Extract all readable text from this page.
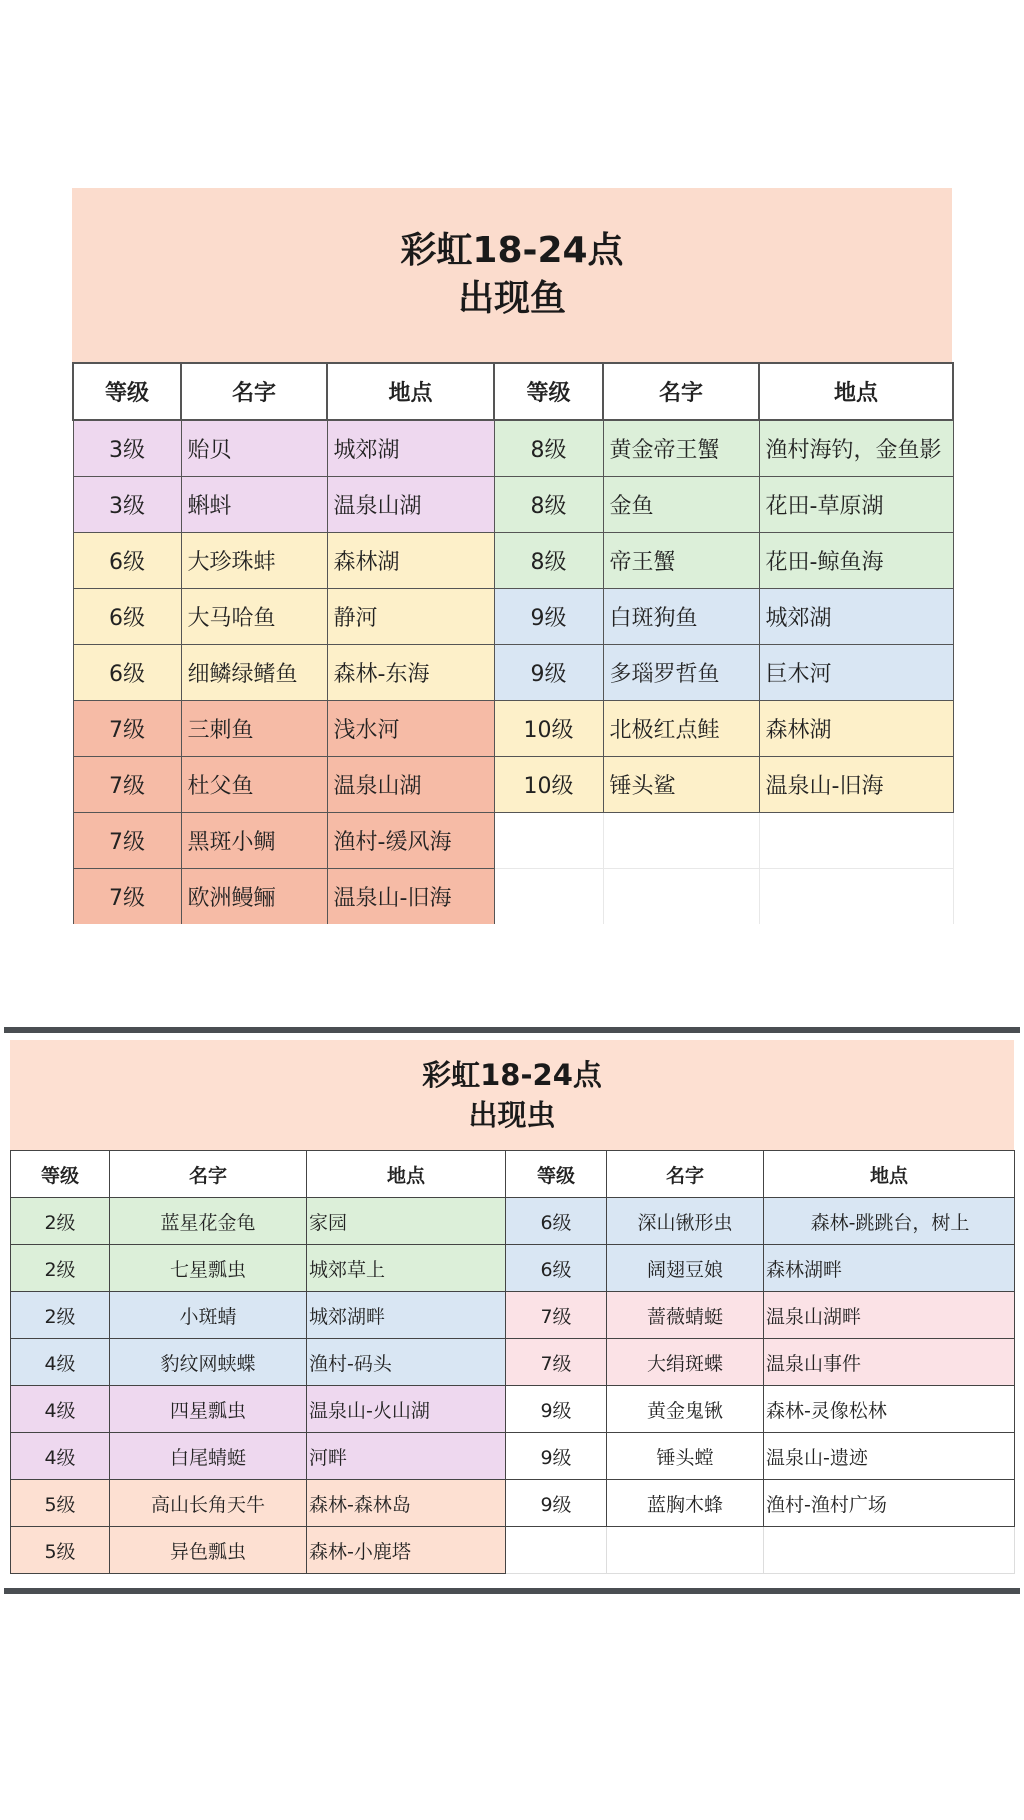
彩虹18-24点
出现鱼
等级	名字	地点	等级	名字	地点
3级	贻贝	城郊湖	8级	黄金帝王蟹	渔村海钓，金鱼影
3级	蝌蚪	温泉山湖	8级	金鱼	花田-草原湖
6级	大珍珠蚌	森林湖	8级	帝王蟹	花田-鲸鱼海
6级	大马哈鱼	静河	9级	白斑狗鱼	城郊湖
6级	细鳞绿鳍鱼	森林-东海	9级	多瑙罗哲鱼	巨木河
7级	三刺鱼	浅水河	10级	北极红点鲑	森林湖
7级	杜父鱼	温泉山湖	10级	锤头鲨	温泉山-旧海
7级	黑斑小鲷	渔村-缓风海			
7级	欧洲鳗鲡	温泉山-旧海			
彩虹18-24点
出现虫
等级	名字	地点	等级	名字	地点
2级	蓝星花金龟	家园	6级	深山锹形虫	森林-跳跳台，树上
2级	七星瓢虫	城郊草上	6级	阔翅豆娘	森林湖畔
2级	小斑蜻	城郊湖畔	7级	蔷薇蜻蜓	温泉山湖畔
4级	豹纹网蛱蝶	渔村-码头	7级	大绢斑蝶	温泉山事件
4级	四星瓢虫	温泉山-火山湖	9级	黄金鬼锹	森林-灵像松林
4级	白尾蜻蜓	河畔	9级	锤头螳	温泉山-遗迹
5级	高山长角天牛	森林-森林岛	9级	蓝胸木蜂	渔村-渔村广场
5级	异色瓢虫	森林-小鹿塔			
